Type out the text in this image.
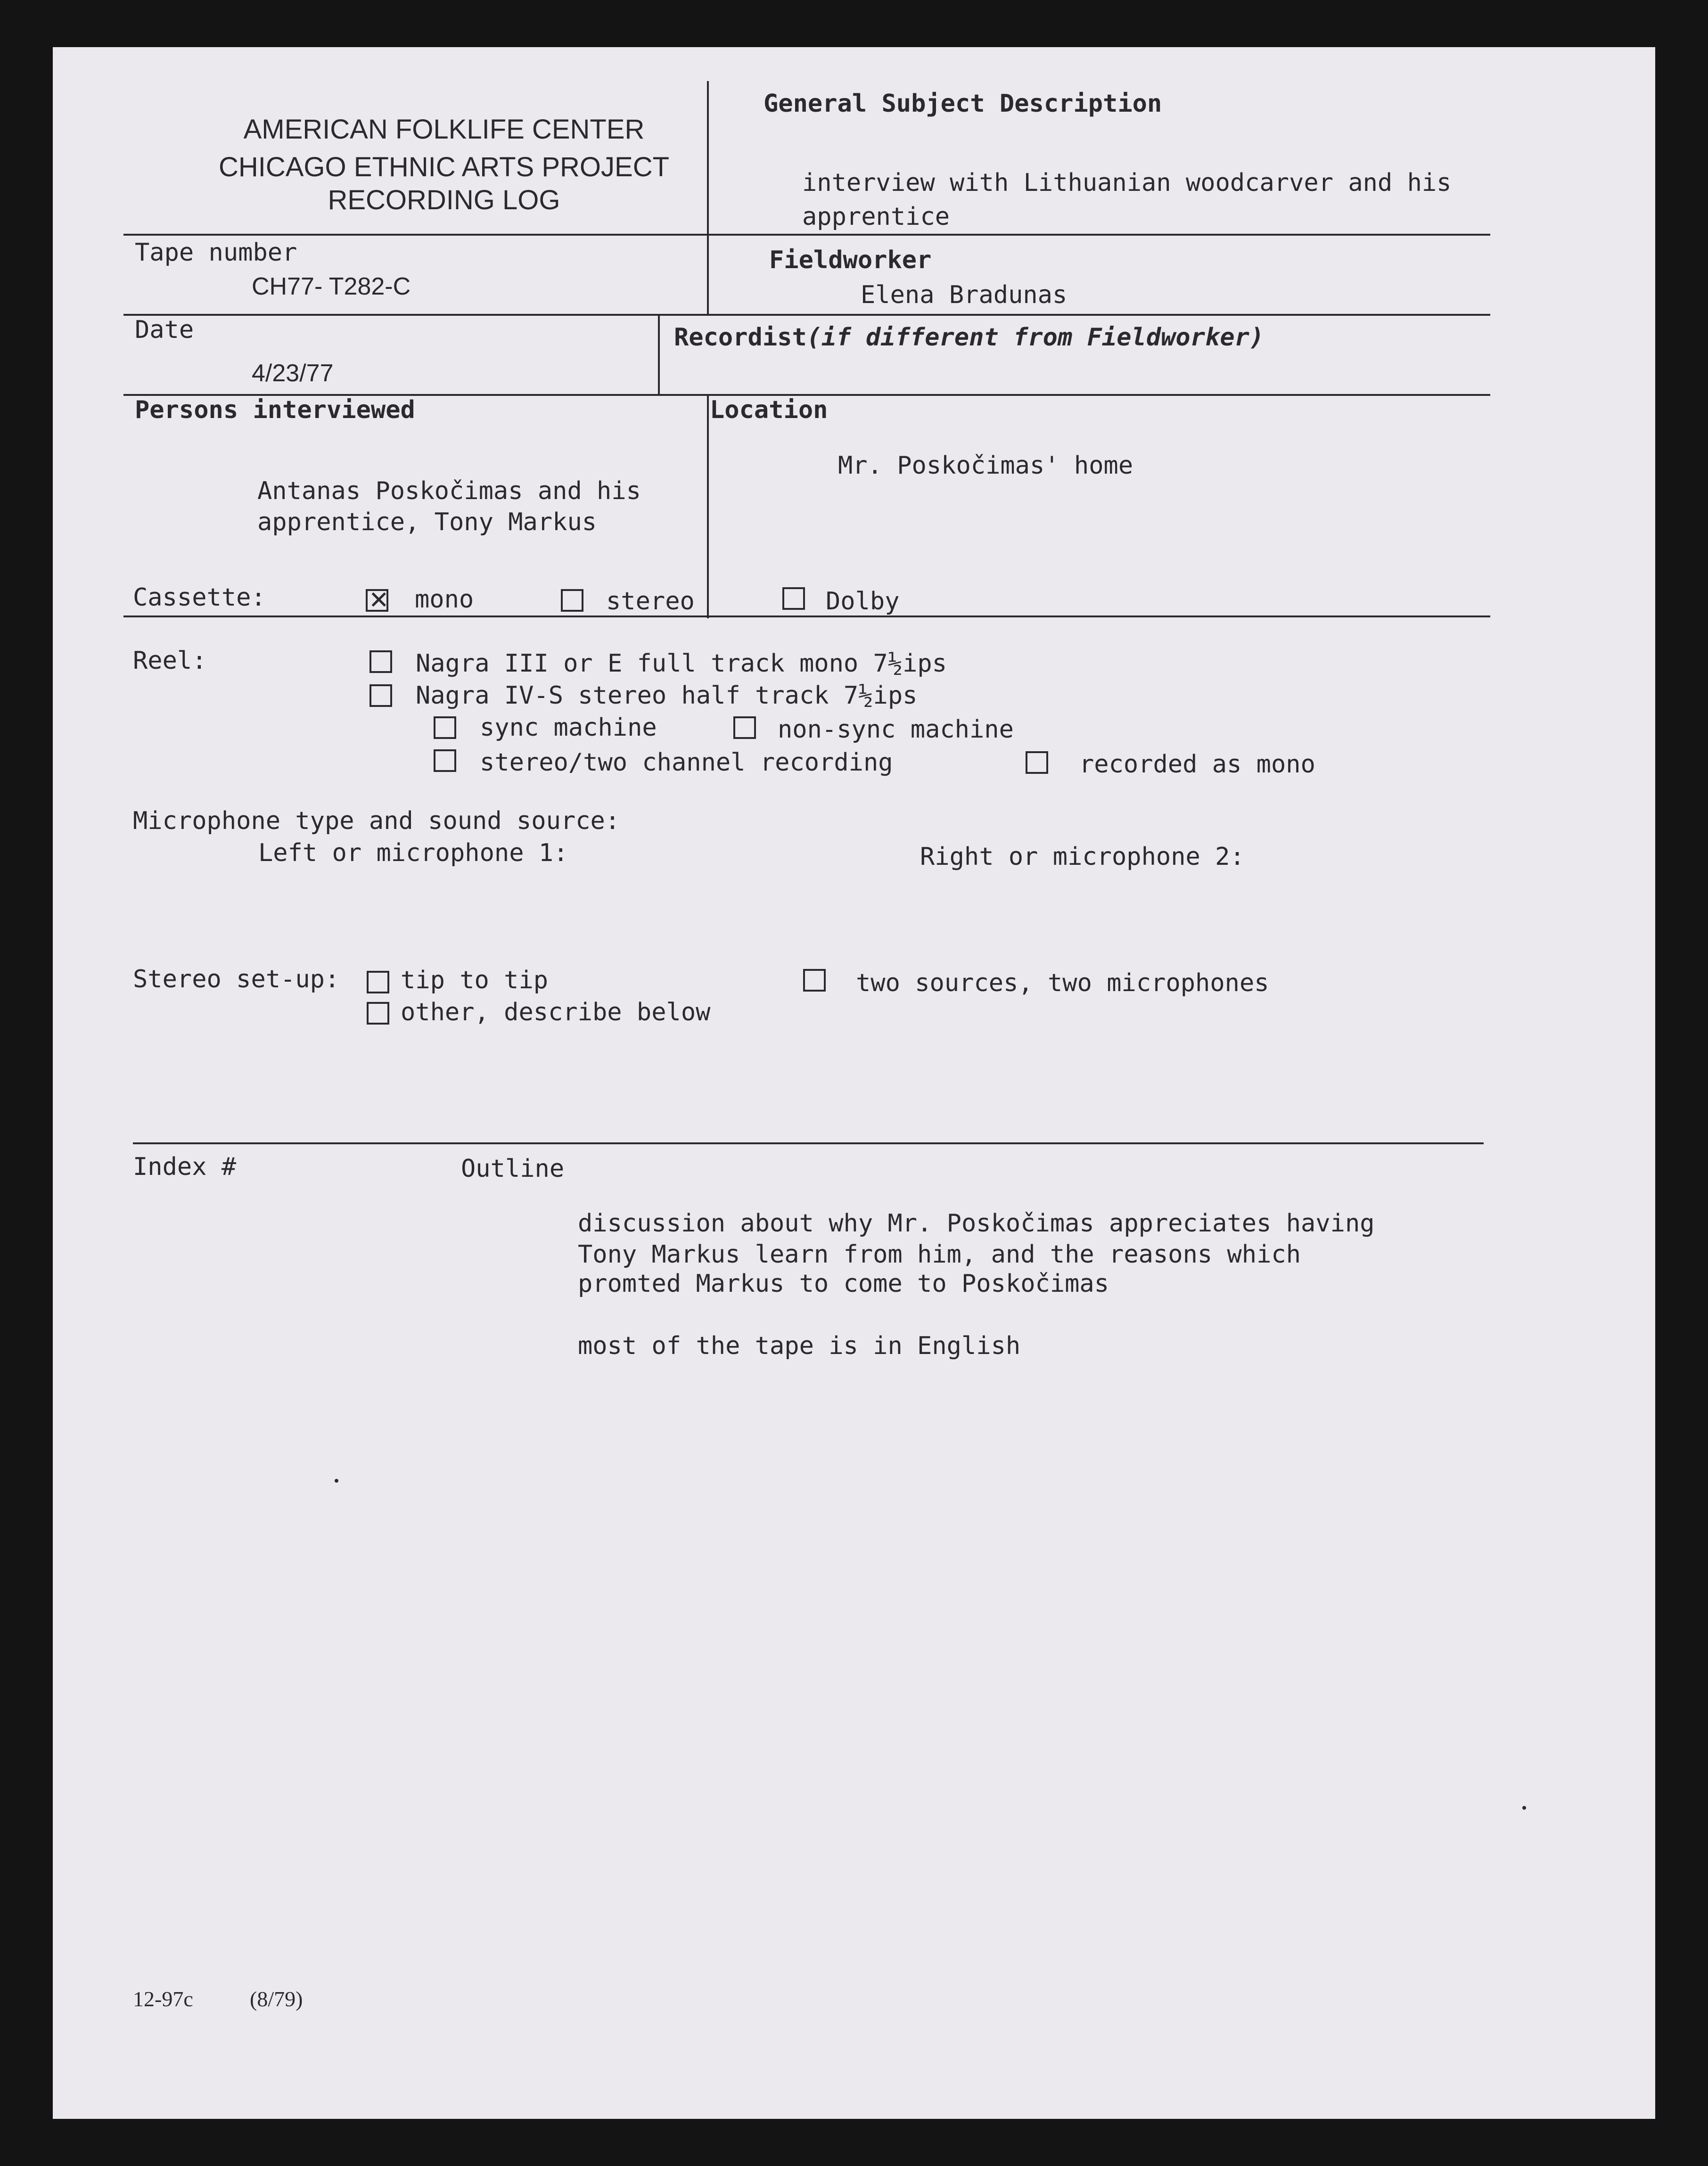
AMERICAN FOLKLIFE CENTER
CHICAGO ETHNIC ARTS PROJECT
RECORDING LOG
General Subject Description
interview with Lithuanian woodcarver and his
apprentice
Tape number
CH77- T282-C
Fieldworker
Elena Bradunas
Date
4/23/77
Recordist(if different from Fieldworker)
Persons interviewed
Antanas Poskočimas and his
apprentice, Tony Markus
Location
Mr. Poskočimas' home
Cassette:
✕	mono	stereo	Dolby
Reel:	Nagra III or E full track mono 7½ips
Nagra IV-S stereo half track 7½ips
sync machine	non-sync machine
stereo/two channel recording	recorded as mono
Microphone type and sound source:
Left or microphone 1:	Right or microphone 2:
Stereo set-up: tip to tip	two sources, two microphones
other, describe below
Index #	Outline
discussion about why Mr. Poskočimas appreciates having
Tony Markus learn from him, and the reasons which
promted Markus to come to Poskočimas
most of the tape is in English
12-97c	(8/79)
